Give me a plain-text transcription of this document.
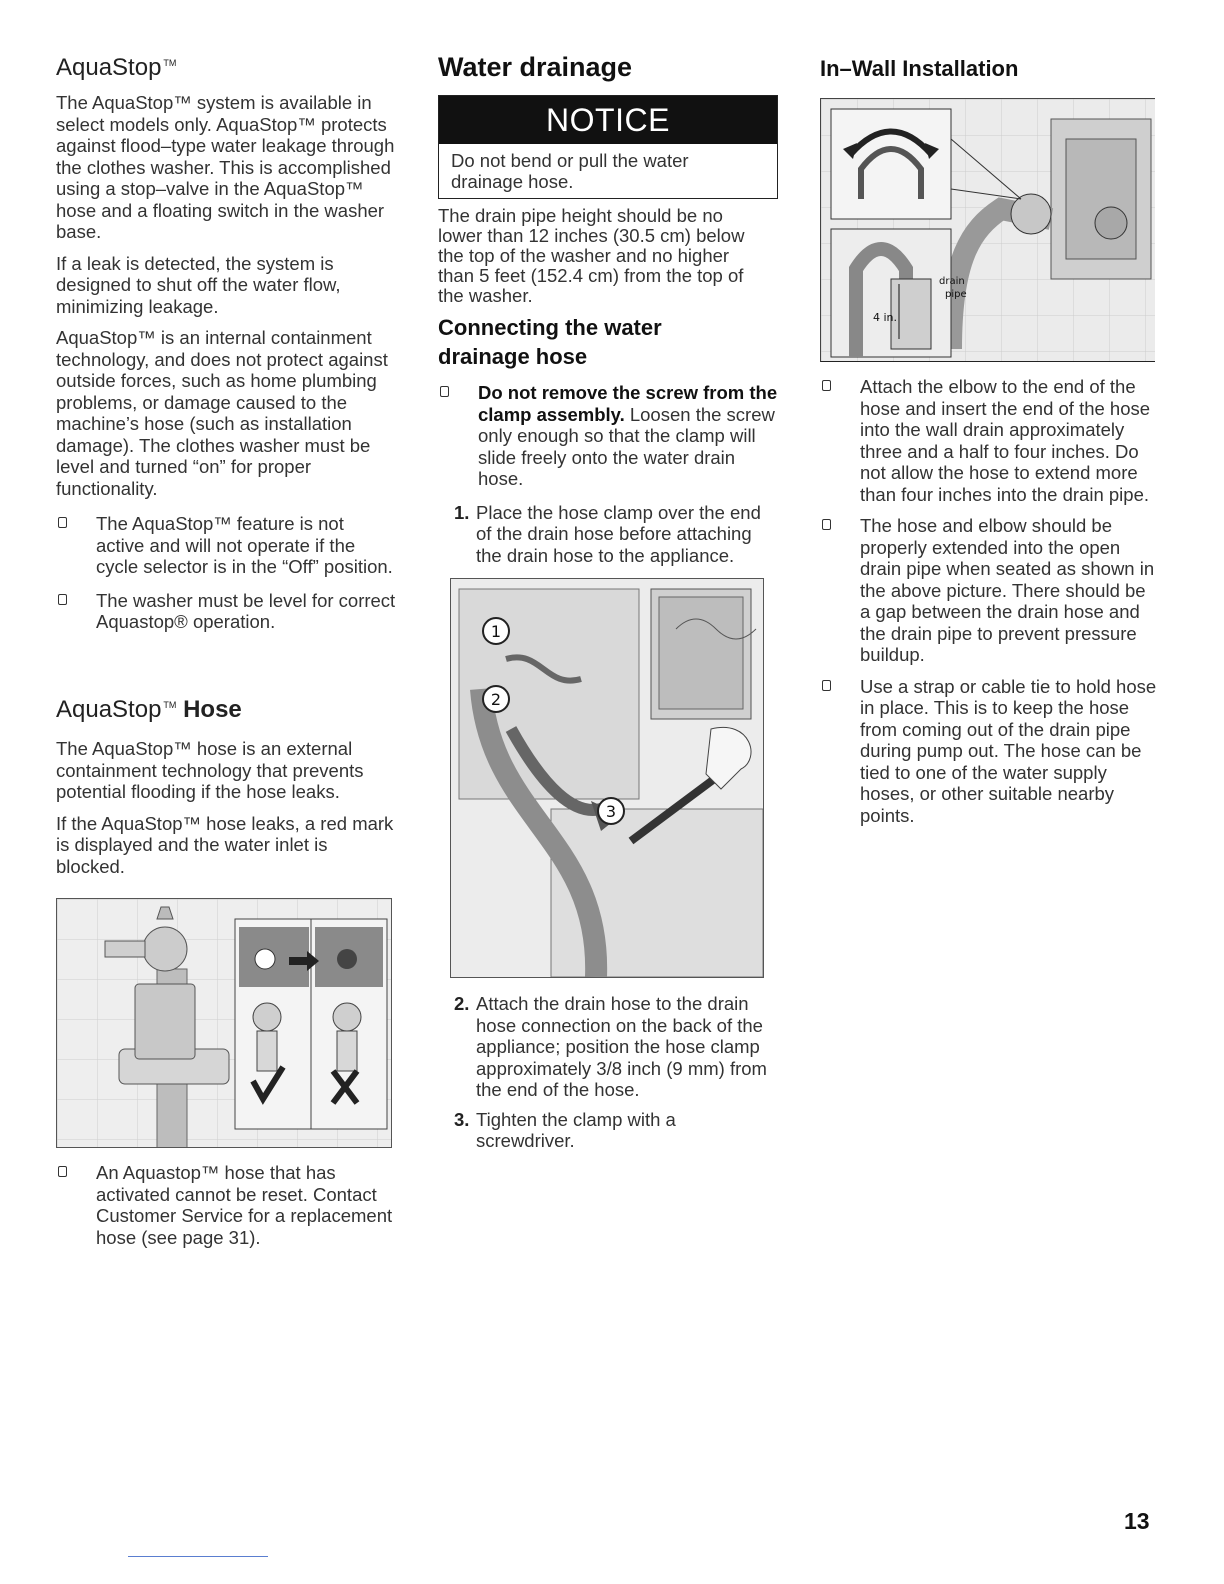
AquaStop ™

The AquaStop™ system is available in select models only. AquaStop™ protects against flood–type water leakage through the clothes washer. This is accomplished using a stop–valve in the AquaStop™ hose and a floating switch in the washer base.

If a leak is detected, the system is designed to shut off the water flow, minimizing leakage.

AquaStop™ is an internal containment technology, and does not protect against outside forces, such as home plumbing problems, or damage caused to the machine’s hose (such as installation damage). The clothes washer must be level and turned “on” for proper functionality.

The AquaStop™ feature is not active and will not operate if the cycle selector is in the “Off” position.
The washer must be level for correct Aquastop® operation.
AquaStop ™ Hose

The AquaStop™ hose is an external containment technology that prevents potential flooding if the hose leaks.

If the AquaStop™ hose leaks, a red mark is displayed and the water inlet is blocked.

An Aquastop™ hose that has activated cannot be reset. Contact Customer Service for a replacement hose (see page 31).
Water drainage
NOTICE
Do not bend or pull the water drainage hose.

The drain pipe height should be no lower than 12 inches (30.5 cm) below the top of the washer and no higher than 5 feet (152.4 cm) from the top of the washer.

Connecting the water drainage hose
Do not remove the screw from the clamp assembly. Loosen the screw only enough so that the clamp will slide freely onto the water drain hose.
1. Place the hose clamp over the end of the drain hose before attaching the drain hose to the appliance.
1
2
3
2. Attach the drain hose to the drain hose connection on the back of the appliance; position the hose clamp approximately 3/8 inch (9 mm) from the end of the hose.
3. Tighten the clamp with a screwdriver.
In–Wall Installation
4 in.
drain
pipe
Attach the elbow to the end of the hose and insert the end of the hose into the wall drain approximately three and a half to four inches. Do not allow the hose to extend more than four inches into the drain pipe.
The hose and elbow should be properly extended into the open drain pipe when seated as shown in the above picture. There should be a gap between the drain hose and the drain pipe to prevent pressure buildup.
Use a strap or cable tie to hold hose in place. This is to keep the hose from coming out of the drain pipe during pump out. The hose can be tied to one of the water supply hoses, or other suitable nearby points.
13
